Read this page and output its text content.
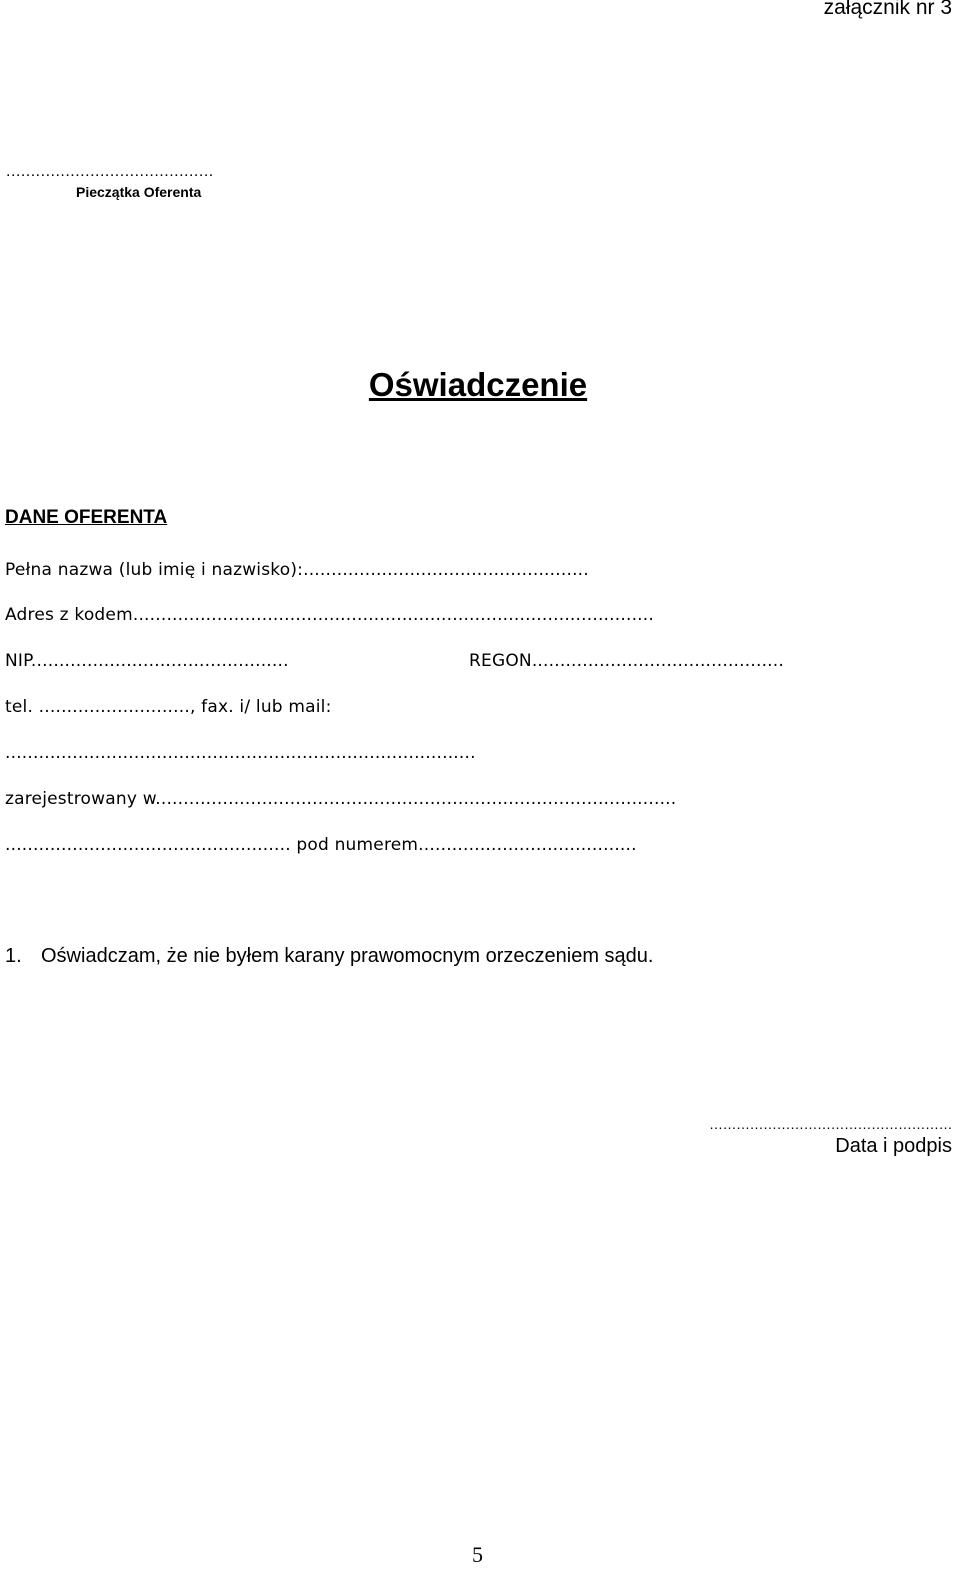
załącznik nr 3
..........................................
Pieczątka Oferenta
Oświadczenie
DANE OFERENTA
Pełna nazwa (lub imię i nazwisko):...................................................
Adres z kodem.............................................................................................
NIP..............................................	REGON.............................................
tel. ..........................., fax. i/ lub mail:
....................................................................................
zarejestrowany w.............................................................................................
................................................... pod numerem.......................................
1. Oświadczam, że nie byłem karany prawomocnym orzeczeniem sądu.
………………………………………………
Data i podpis
5
